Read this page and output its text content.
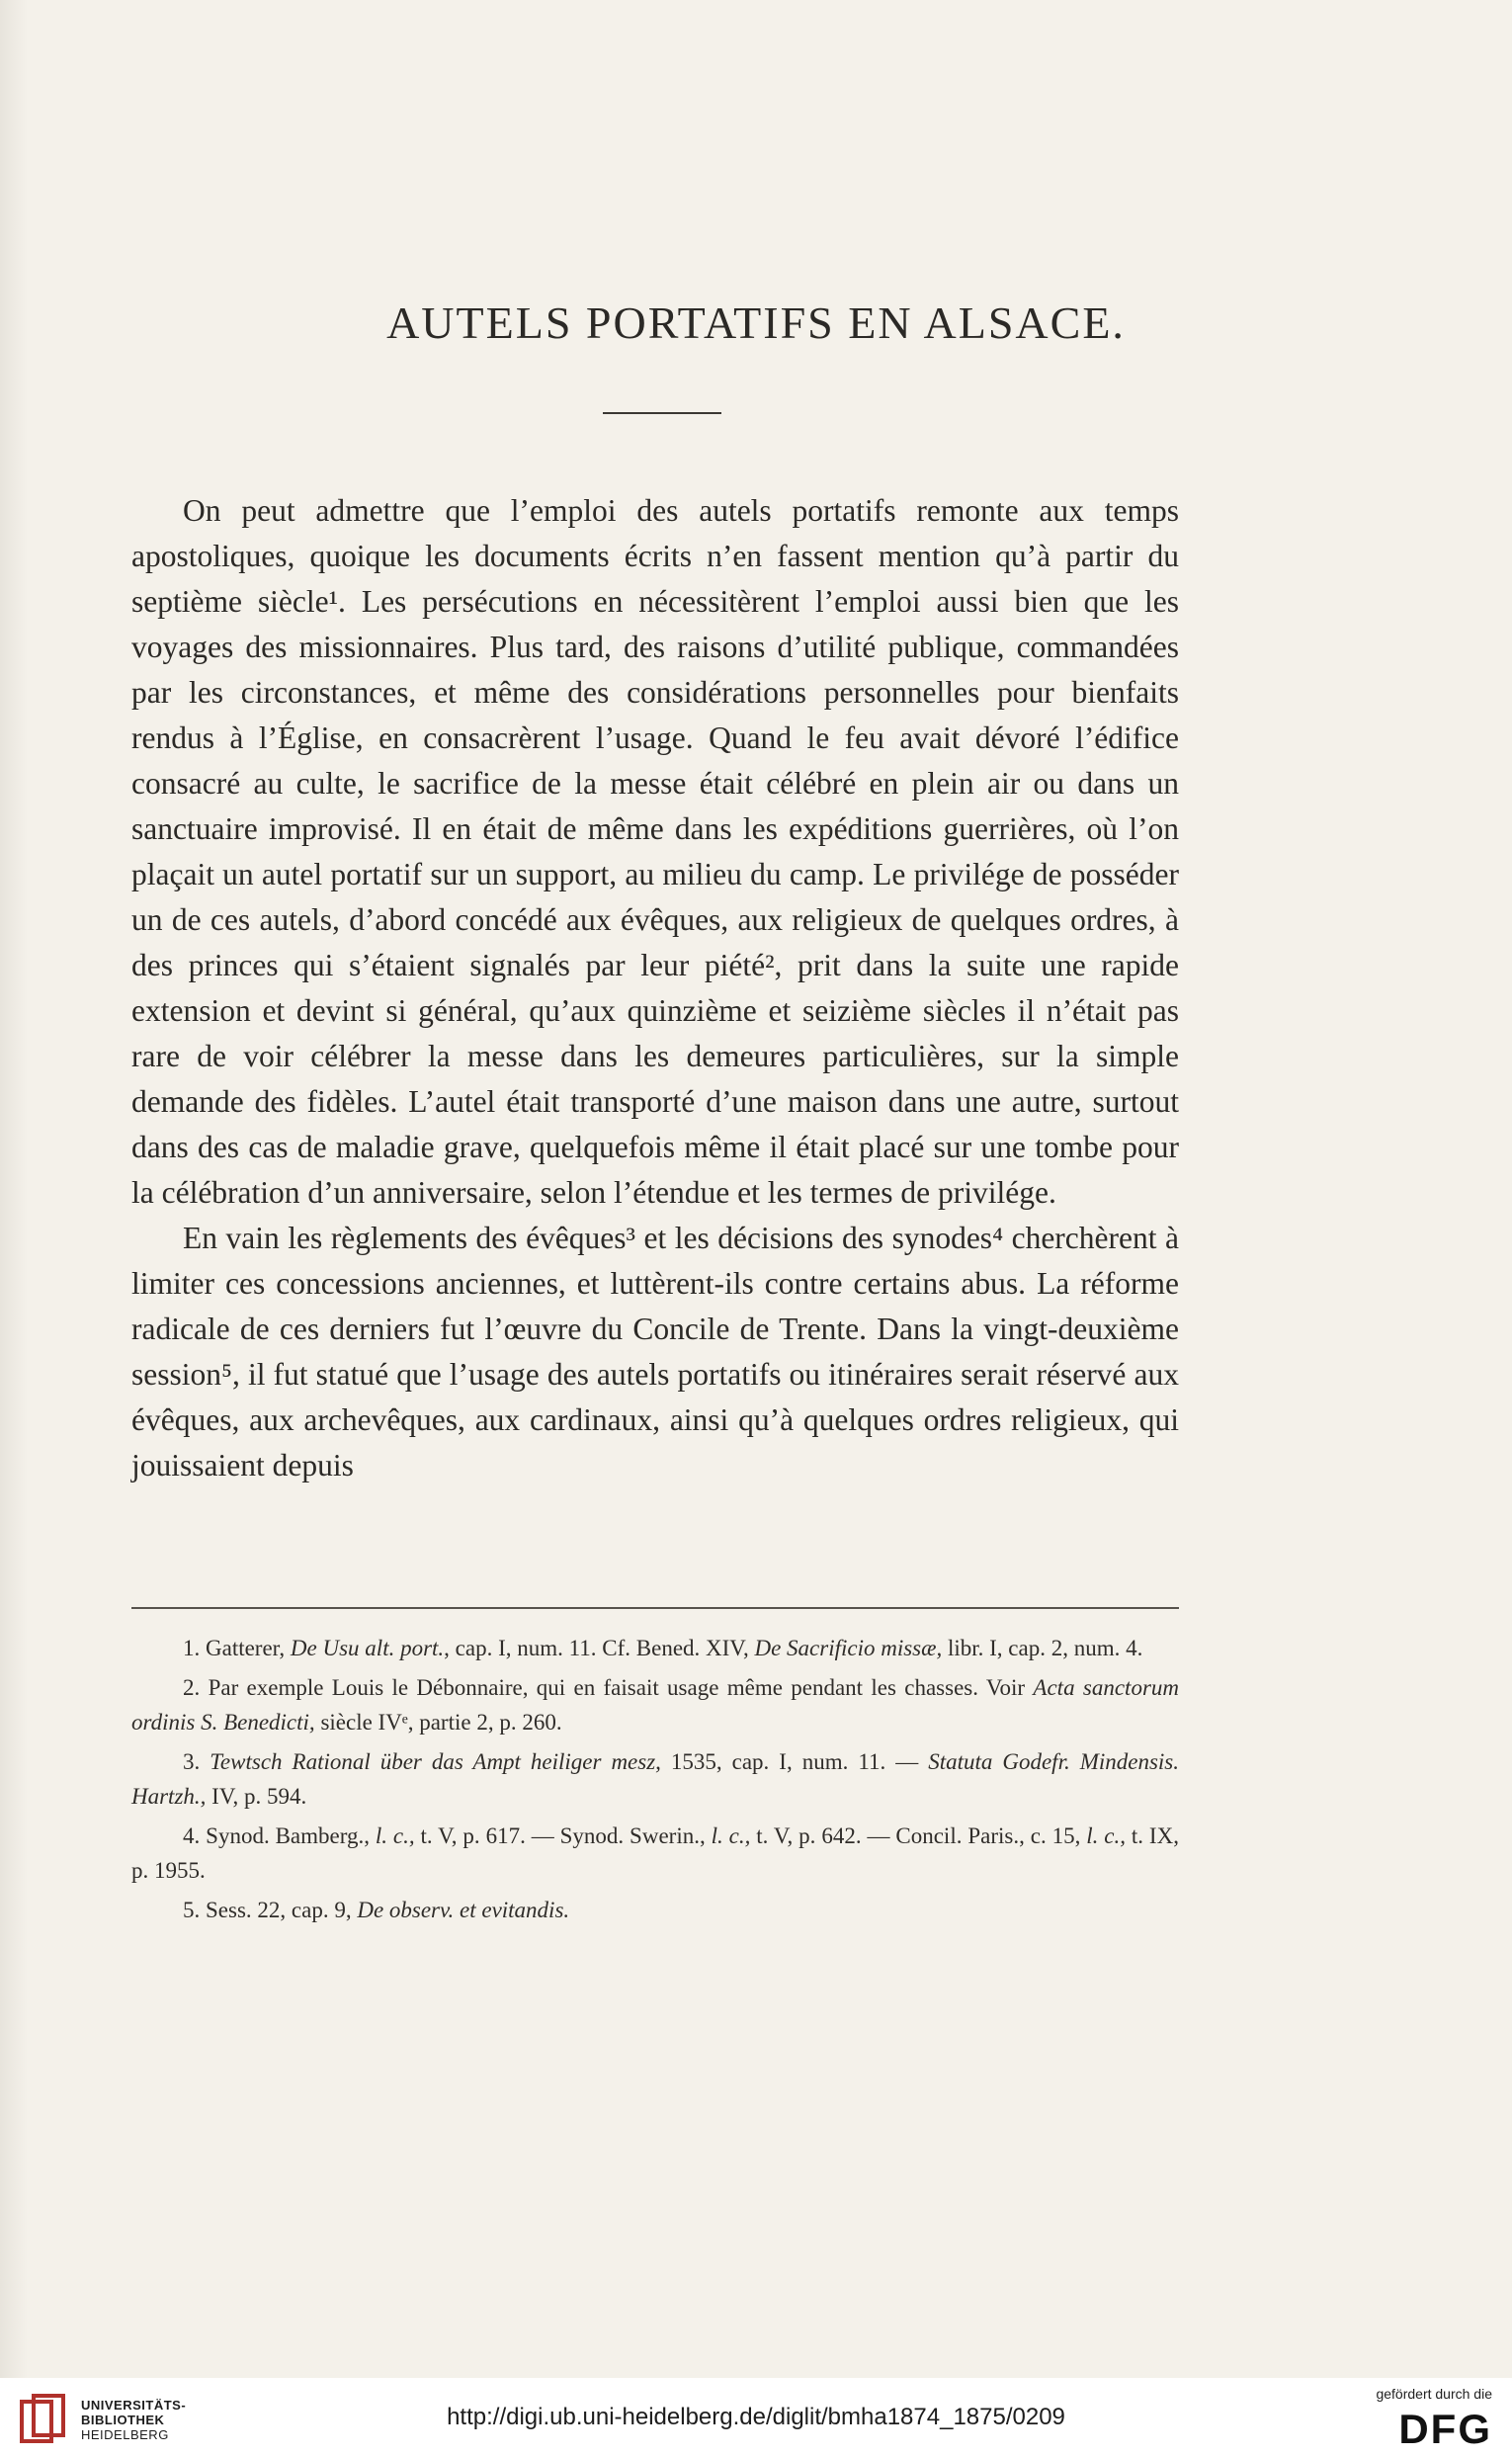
AUTELS PORTATIFS EN ALSACE.

On peut admettre que l’emploi des autels portatifs remonte aux temps apostoliques, quoique les documents écrits n’en fassent mention qu’à partir du septième siècle¹. Les persécutions en nécessitèrent l’emploi aussi bien que les voyages des missionnaires. Plus tard, des raisons d’utilité publique, commandées par les circonstances, et même des considérations personnelles pour bienfaits rendus à l’Église, en consacrèrent l’usage. Quand le feu avait dévoré l’édifice consacré au culte, le sacrifice de la messe était célébré en plein air ou dans un sanctuaire improvisé. Il en était de même dans les expéditions guerrières, où l’on plaçait un autel portatif sur un support, au milieu du camp. Le privilége de posséder un de ces autels, d’abord concédé aux évêques, aux religieux de quelques ordres, à des princes qui s’étaient signalés par leur piété², prit dans la suite une rapide extension et devint si général, qu’aux quinzième et seizième siècles il n’était pas rare de voir célébrer la messe dans les demeures particulières, sur la simple demande des fidèles. L’autel était transporté d’une maison dans une autre, surtout dans des cas de maladie grave, quelquefois même il était placé sur une tombe pour la célébration d’un anniversaire, selon l’étendue et les termes de privilége.

En vain les règlements des évêques³ et les décisions des synodes⁴ cherchèrent à limiter ces concessions anciennes, et luttèrent-ils contre certains abus. La réforme radicale de ces derniers fut l’œuvre du Concile de Trente. Dans la vingt-deuxième session⁵, il fut statué que l’usage des autels portatifs ou itinéraires serait réservé aux évêques, aux archevêques, aux cardinaux, ainsi qu’à quelques ordres religieux, qui jouissaient depuis

1. Gatterer, De Usu alt. port., cap. I, num. 11. Cf. Bened. XIV, De Sacrificio missæ, libr. I, cap. 2, num. 4.

2. Par exemple Louis le Débonnaire, qui en faisait usage même pendant les chasses. Voir Acta sanctorum ordinis S. Benedicti, siècle IVᵉ, partie 2, p. 260.

3. Tewtsch Rational über das Ampt heiliger mesz, 1535, cap. I, num. 11. — Statuta Godefr. Mindensis. Hartzh., IV, p. 594.

4. Synod. Bamberg., l. c., t. V, p. 617. — Synod. Swerin., l. c., t. V, p. 642. — Concil. Paris., c. 15, l. c., t. IX, p. 1955.

5. Sess. 22, cap. 9, De observ. et evitandis.

UNIVERSITÄTS-
BIBLIOTHEK
HEIDELBERG
http://digi.ub.uni-heidelberg.de/diglit/bmha1874_1875/0209
gefördert durch die
DFG
